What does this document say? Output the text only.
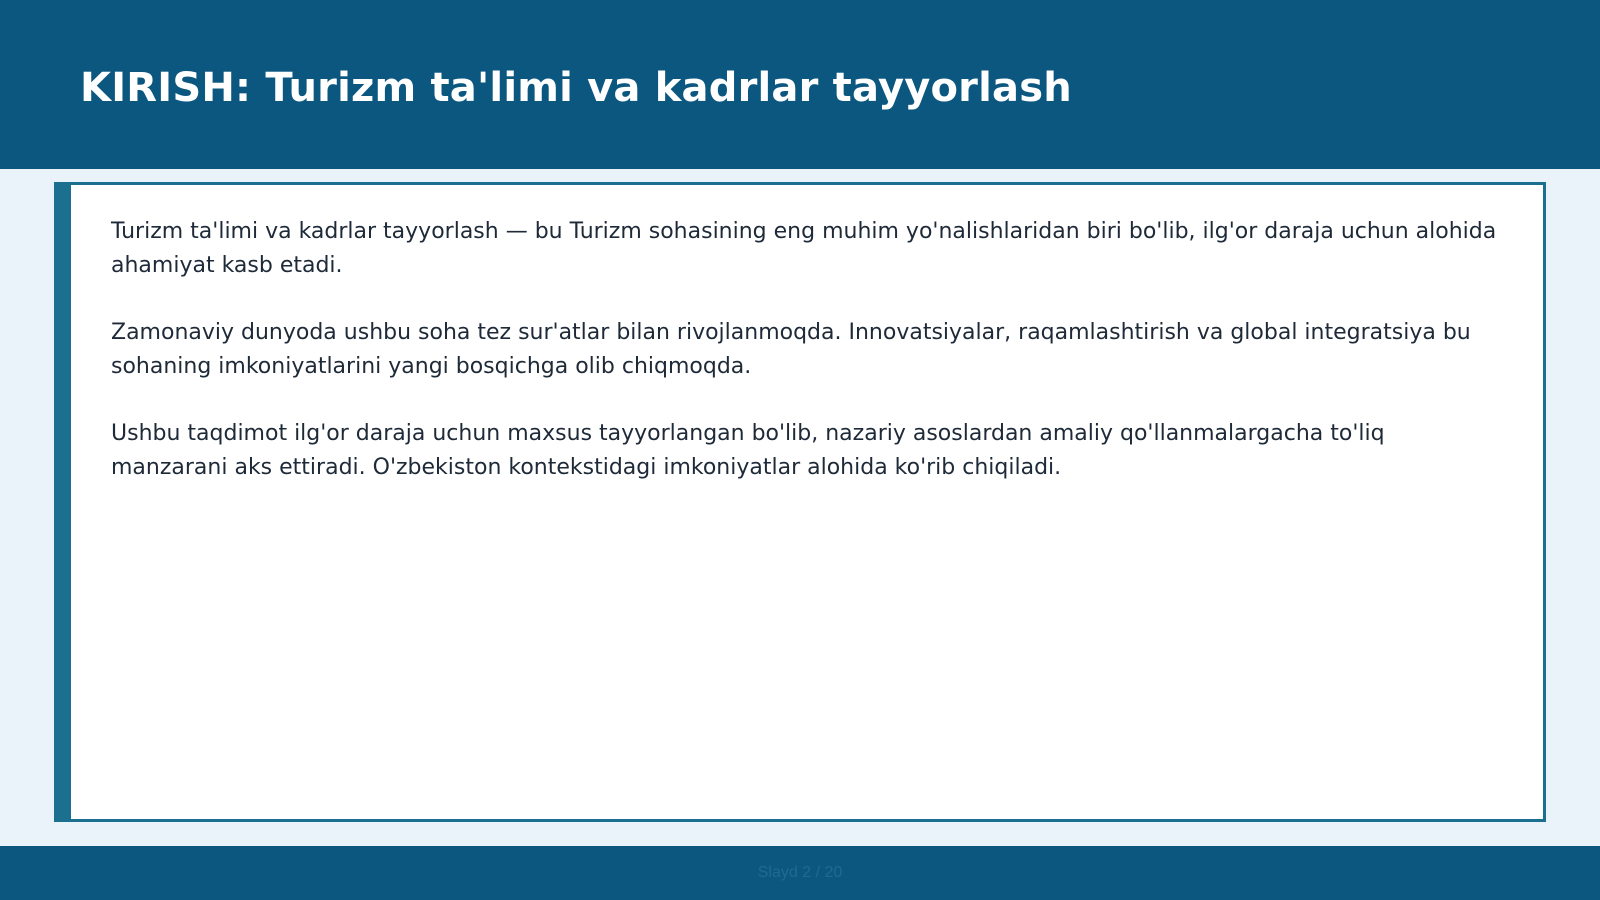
KIRISH: Turizm ta'limi va kadrlar tayyorlash

Turizm ta'limi va kadrlar tayyorlash — bu Turizm sohasining eng muhim yo'nalishlaridan biri bo'lib, ilg'or daraja uchun alohida ahamiyat kasb etadi.

Zamonaviy dunyoda ushbu soha tez sur'atlar bilan rivojlanmoqda. Innovatsiyalar, raqamlashtirish va global integratsiya bu sohaning imkoniyatlarini yangi bosqichga olib chiqmoqda.

Ushbu taqdimot ilg'or daraja uchun maxsus tayyorlangan bo'lib, nazariy asoslardan amaliy qo'llanmalargacha to'liq manzarani aks ettiradi. O'zbekiston kontekstidagi imkoniyatlar alohida ko'rib chiqiladi.

Slayd 2 / 20
